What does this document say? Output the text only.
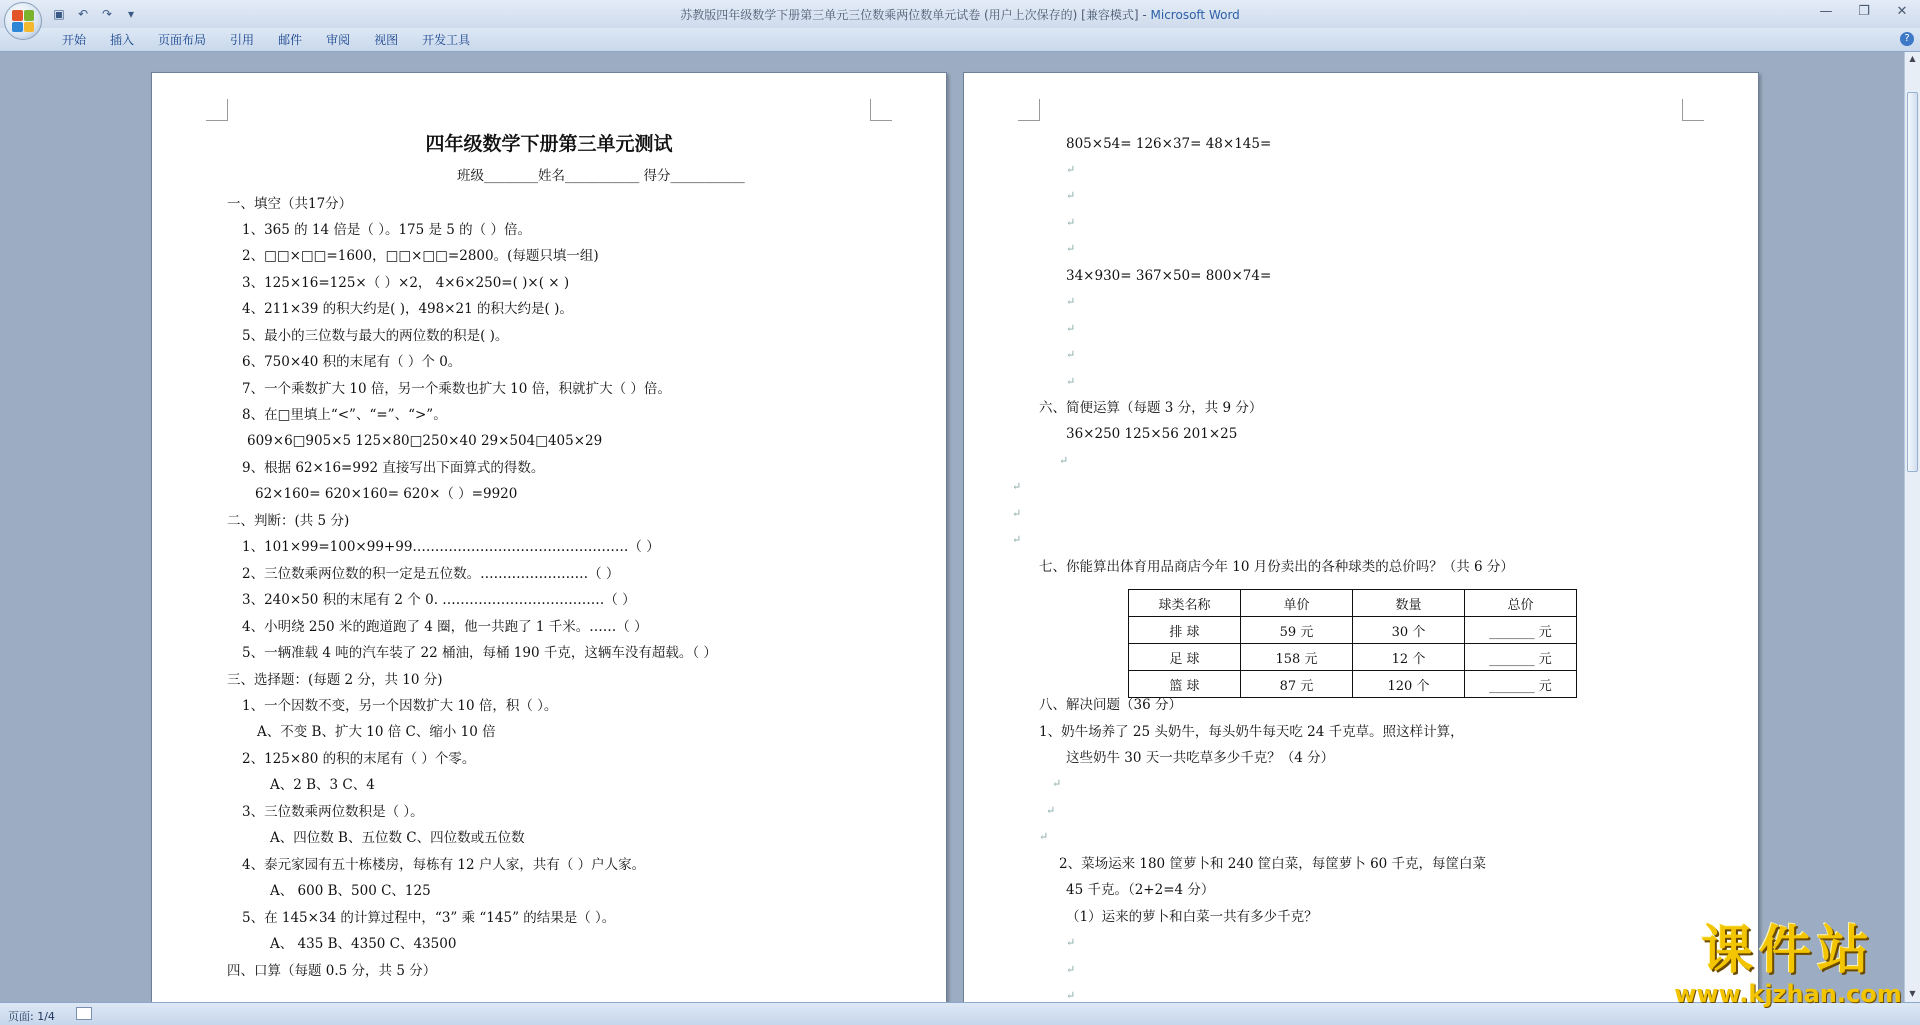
▣	↶	↷	▾	苏教版四年级数学下册第三单元三位数乘两位数单元试卷 (用户上次保存的) [兼容模式] - Microsoft Word	—	❐	✕
开始	插入	页面布局	引用	邮件	审阅	视图	开发工具	?
四年级数学下册第三单元测试
班级________姓名___________ 得分___________
一、填空（共17分）
1、365 的 14 倍是（ ）。175 是 5 的（ ）倍。
2、□□×□□=1600，□□×□□=2800。(每题只填一组)
3、125×16=125×（ ）×2， 4×6×250=( )×( × )
4、211×39 的积大约是( )，498×21 的积大约是( )。
5、最小的三位数与最大的两位数的积是( )。
6、750×40 积的末尾有（ ）个 0。
7、一个乘数扩大 10 倍，另一个乘数也扩大 10 倍，积就扩大（ ）倍。
8、在□里填上“<”、“=”、“>”。
609×6□905×5 125×80□250×40 29×504□405×29
9、根据 62×16=992 直接写出下面算式的得数。
62×160= 620×160= 620×（ ）=9920
二、判断：(共 5 分)
1、101×99=100×99+99…………………………………………（ ）
2、三位数乘两位数的积一定是五位数。……………………（ ）
3、240×50 积的末尾有 2 个 0. ………………………………（ ）
4、小明绕 250 米的跑道跑了 4 圈，他一共跑了 1 千米。……（ ）
5、一辆准载 4 吨的汽车装了 22 桶油，每桶 190 千克，这辆车没有超载。（ ）
三、选择题：(每题 2 分，共 10 分)
1、一个因数不变，另一个因数扩大 10 倍，积（ ）。
A、不变 B、扩大 10 倍 C、缩小 10 倍
2、125×80 的积的末尾有（ ）个零。
A、2 B、3 C、4
3、三位数乘两位数积是（ ）。
A、四位数 B、五位数 C、四位数或五位数
4、泰元家园有五十栋楼房，每栋有 12 户人家，共有（ ）户人家。
A、 600 B、500 C、125
5、在 145×34 的计算过程中，“3” 乘 “145” 的结果是（ ）。
A、 435 B、4350 C、43500
四、口算（每题 0.5 分，共 5 分）
805×54= 126×37= 48×145=
↵
↵
↵
↵
34×930= 367×50= 800×74=
↵
↵
↵
↵
六、简便运算（每题 3 分，共 9 分）
36×250 125×56 201×25
↵
↵
↵
↵
七、你能算出体育用品商店今年 10 月份卖出的各种球类的总价吗？（共 6 分）
球类名称	单价	数量	总价
排 球	59 元	30 个	_______ 元
足 球	158 元	12 个	_______ 元
篮 球	87 元	120 个	_______ 元
八、解决问题（36 分）
1、奶牛场养了 25 头奶牛，每头奶牛每天吃 24 千克草。照这样计算，
这些奶牛 30 天一共吃草多少千克？（4 分）
↵
↵
↵
2、菜场运来 180 筐萝卜和 240 筐白菜，每筐萝卜 60 千克，每筐白菜
45 千克。（2+2=4 分）
（1）运来的萝卜和白菜一共有多少千克？
↵
↵
↵
▲
▼
页面: 1/4
课件站
www.kjzhan.com
